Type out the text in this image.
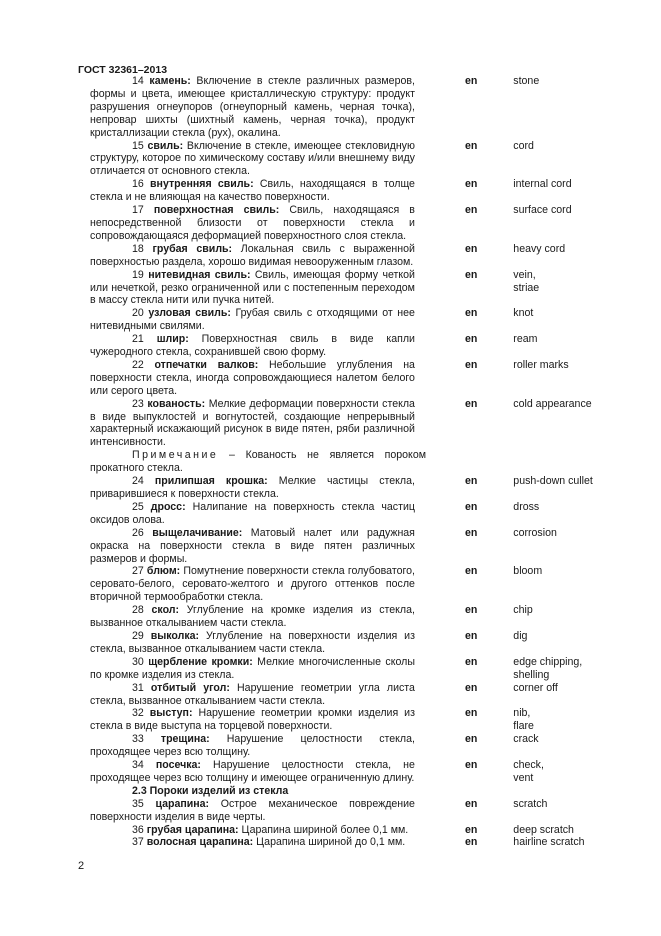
ГОСТ 32361–2013
14 камень: Включение в стекле различных размеров, формы и цвета, имеющее кристаллическую структуру: продукт разрушения огнеупоров (огнеупорный камень, черная точка), непровар шихты (шихтный камень, черная точка), продукт кристаллизации стекла (рух), окалина.
en	stone
15 свиль: Включение в стекле, имеющее стекловидную структуру, которое по химическому составу и/или внешнему виду отличается от основного стекла.
en	cord
16 внутренняя свиль: Свиль, находящаяся в толще стекла и не влияющая на качество поверхности.
en	internal cord
17 поверхностная свиль: Свиль, находящаяся в непосредственной близости от поверхности стекла и сопровождающаяся деформацией поверхностного слоя стекла.
en	surface cord
18 грубая свиль: Локальная свиль с выраженной поверхностью раздела, хорошо видимая невооруженным глазом.
en	heavy cord
19 нитевидная свиль: Свиль, имеющая форму четкой или нечеткой, резко ограниченной или с постепенным переходом в массу стекла нити или пучка нитей.
en	vein,
striae
20 узловая свиль: Грубая свиль с отходящими от нее нитевидными свилями.
en	knot
21 шлир: Поверхностная свиль в виде капли чужеродного стекла, сохранившей свою форму.
en	ream
22 отпечатки валков: Небольшие углубления на поверхности стекла, иногда сопровождающиеся налетом белого или серого цвета.
en	roller marks
23 кованость: Мелкие деформации поверхности стекла в виде выпуклостей и вогнутостей, создающие непрерывный характерный искажающий рисунок в виде пятен, ряби различной интенсивности.
en	cold appearance
Примечание – Кованость не является пороком прокатного стекла.
24 прилипшая крошка: Мелкие частицы стекла, приварившиеся к поверхности стекла.
en	push-down cullet
25 дросс: Налипание на поверхность стекла частиц оксидов олова.
en	dross
26 выщелачивание: Матовый налет или радужная окраска на поверхности стекла в виде пятен различных размеров и формы.
en	corrosion
27 блюм: Помутнение поверхности стекла голубоватого, серовато-белого, серовато-желтого и другого оттенков после вторичной термообработки стекла.
en	bloom
28 скол: Углубление на кромке изделия из стекла, вызванное откалыванием части стекла.
en	chip
29 выколка: Углубление на поверхности изделия из стекла, вызванное откалыванием части стекла.
en	dig
30 щербление кромки: Мелкие многочисленные сколы по кромке изделия из стекла.
en	edge chipping,
shelling
31 отбитый угол: Нарушение геометрии угла листа стекла, вызванное откалыванием части стекла.
en	corner off
32 выступ: Нарушение геометрии кромки изделия из стекла в виде выступа на торцевой поверхности.
en	nib,
flare
33 трещина: Нарушение целостности стекла, проходящее через всю толщину.
en	crack
34 посечка: Нарушение целостности стекла, не проходящее через всю толщину и имеющее ограниченную длину.
en	check,
vent
2.3 Пороки изделий из стекла
35 царапина: Острое механическое повреждение поверхности изделия в виде черты.
en	scratch
36 грубая царапина: Царапина шириной более 0,1 мм.	en	deep scratch
37 волосная царапина: Царапина шириной до 0,1 мм.	en	hairline scratch
2
